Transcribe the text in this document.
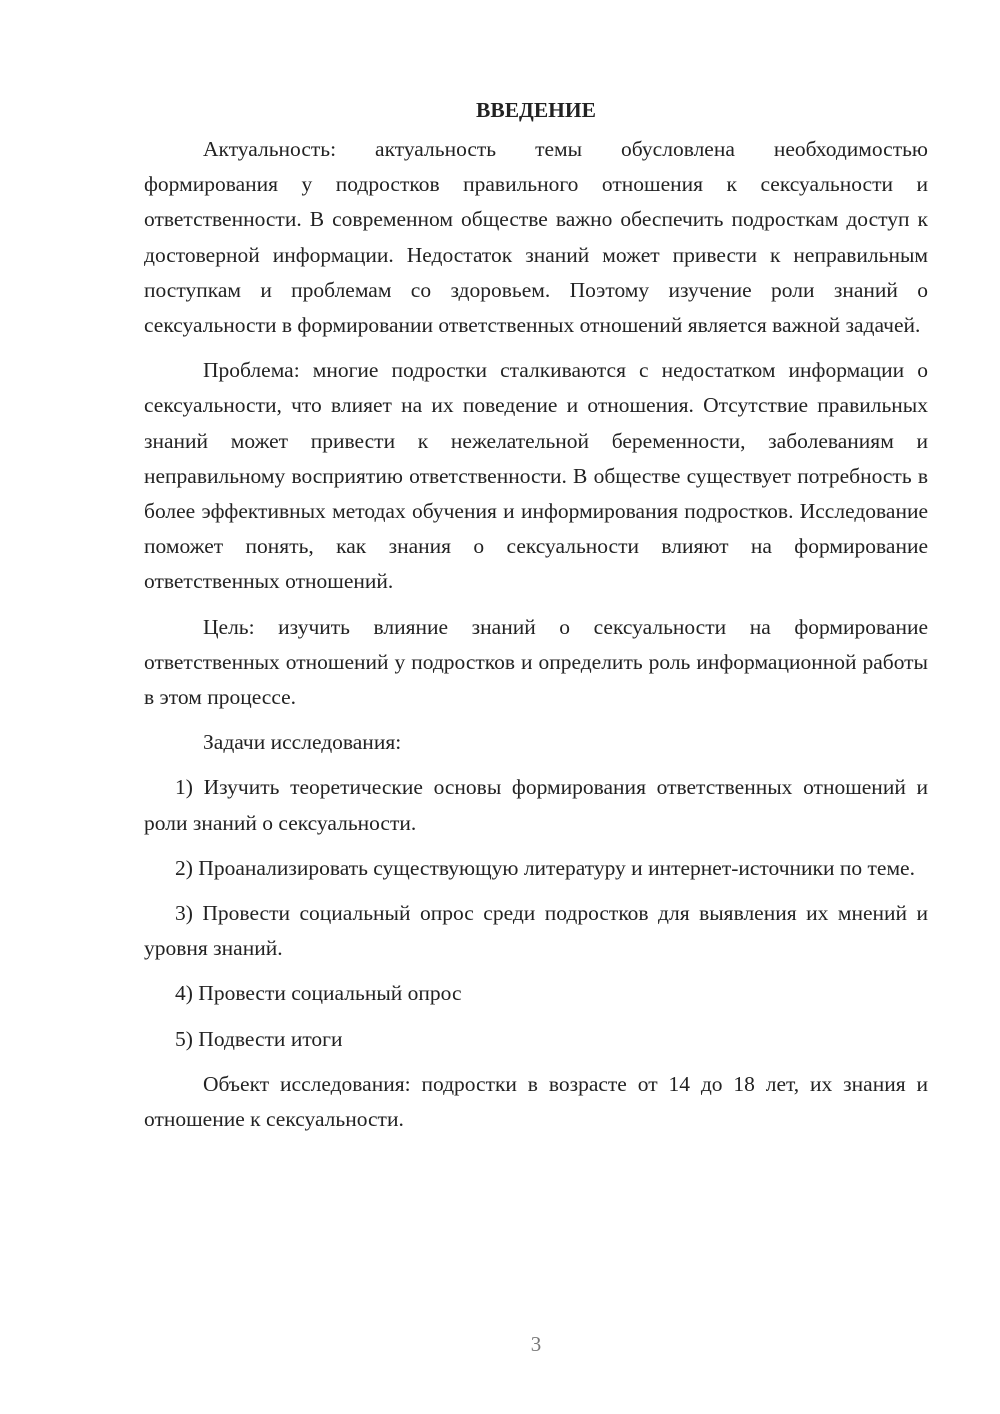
ВВЕДЕНИЕ

Актуальность: актуальность темы обусловлена необходимостью формирования у подростков правильного отношения к сексуальности и ответственности. В современном обществе важно обеспечить подросткам доступ к достоверной информации. Недостаток знаний может привести к неправильным поступкам и проблемам со здоровьем. Поэтому изучение роли знаний о сексуальности в формировании ответственных отношений является важной задачей.

Проблема: многие подростки сталкиваются с недостатком информации о сексуальности, что влияет на их поведение и отношения. Отсутствие правильных знаний может привести к нежелательной беременности, заболеваниям и неправильному восприятию ответственности. В обществе существует потребность в более эффективных методах обучения и информирования подростков. Исследование поможет понять, как знания о сексуальности влияют на формирование ответственных отношений.

Цель: изучить влияние знаний о сексуальности на формирование ответственных отношений у подростков и определить роль информационной работы в этом процессе.

Задачи исследования:

1) Изучить теоретические основы формирования ответственных отношений и роли знаний о сексуальности.

2) Проанализировать существующую литературу и интернет-источники по теме.

3) Провести социальный опрос среди подростков для выявления их мнений и уровня знаний.

4) Провести социальный опрос

5) Подвести итоги

Объект исследования: подростки в возрасте от 14 до 18 лет, их знания и отношение к сексуальности.

3
